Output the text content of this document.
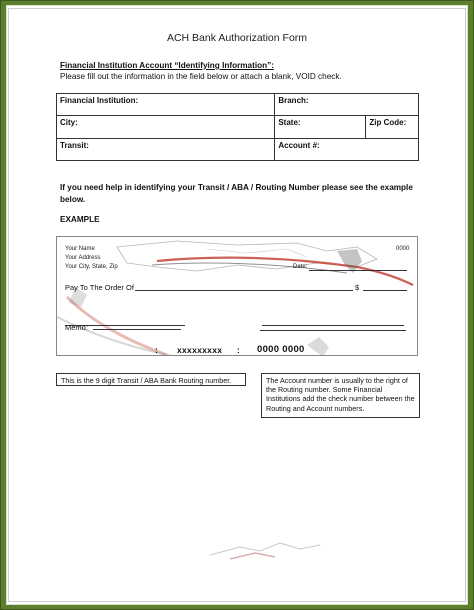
ACH Bank Authorization Form
Financial Institution Account “Identifying Information”:
Please fill out the information in the field below or attach a blank, VOID check.
Financial Institution:	Branch:	
City:	State:	Zip Code:
Transit:	Account #:	
If you need help in identifying your Transit / ABA / Routing Number please see the example below.
EXAMPLE
Your Name
Your Address
Your City, State, Zip
0000
Date:
Pay To The Order Of	$
Memo:
: xxxxxxxxx : 0000 0000
This is the 9 digit Transit / ABA Bank Routing number.	The Account number is usually to the right of the Routing number. Some Financial Institutions add the check number between the Routing and Account numbers.
